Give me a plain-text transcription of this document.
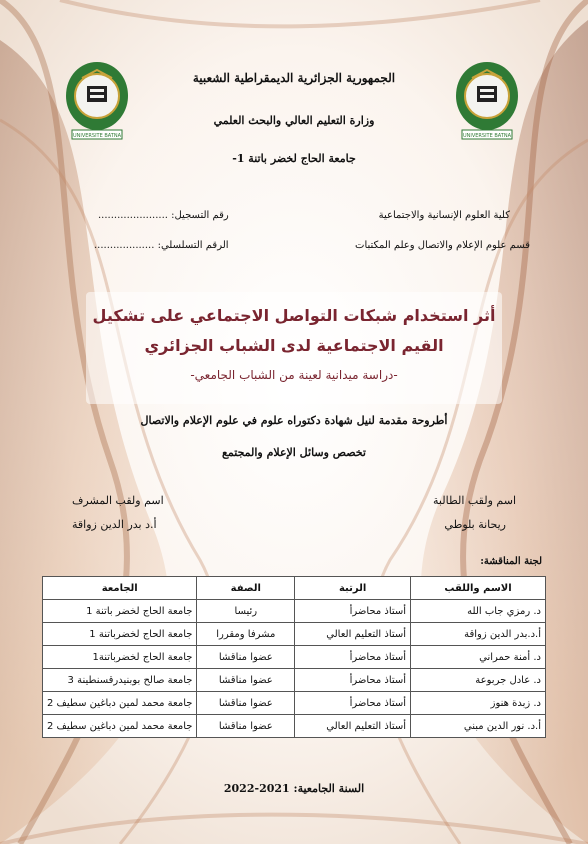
UNIVERSITE BATNA	UNIVERSITE BATNA
الجمهورية الجزائرية الديمقراطية الشعبية
وزارة التعليم العالي والبحث العلمي
جامعة الحاج لخضر باتنة 1-
كلية العلوم الإنسانية والاجتماعية
قسم علوم الإعلام والاتصال وعلم المكتبات
رقم التسجيل: ......................
الرقم التسلسلي: ...................
أثر استخدام شبكات التواصل الاجتماعي على تشكيل
القيم الاجتماعية لدى الشباب الجزائري
-دراسة ميدانية لعينة من الشباب الجامعي-
أطروحة مقدمة لنيل شهادة دكتوراه علوم في علوم الإعلام والاتصال
تخصص وسائل الإعلام والمجتمع
اسم ولقب الطالبة
ريحانة بلوطي
اسم ولقب المشرف
أ.د بدر الدين زواقة
لجنة المناقشة:
الاسم واللقب	الرتبة	الصفة	الجامعة
د. رمزي جاب الله	أستاذ محاضرأ	رئيسا	جامعة الحاج لخضر باتنة 1
أ.د.بدر الدين زواقة	أستاذ التعليم العالي	مشرفا ومقررا	جامعة الحاج لخضرباتنة 1
د. أمنة حمراني	أستاذ محاضرأ	عضوا مناقشا	جامعة الحاج لخضرباتنة1
د. عادل جربوعة	أستاذ محاضرأ	عضوا مناقشا	جامعة صالح بوبنيدرقسنطينة 3
د. زبدة هنوز	أستاذ محاضرأ	عضوا مناقشا	جامعة محمد لمين دباغين سطيف 2
أ.د. نور الدين مبني	أستاذ التعليم العالي	عضوا مناقشا	جامعة محمد لمين دباغين سطيف 2
السنة الجامعية: 2021-2022
